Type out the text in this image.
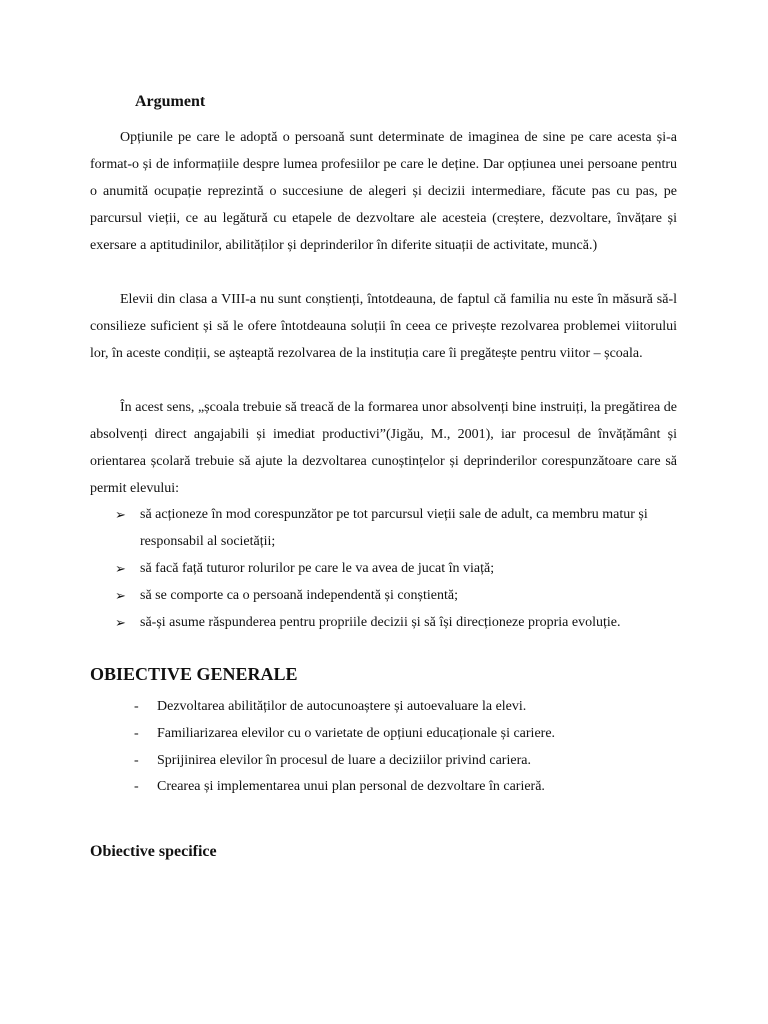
Argument

Opțiunile pe care le adoptă o persoană sunt determinate de imaginea de sine pe care acesta și-a format-o și de informațiile despre lumea profesiilor pe care le deține. Dar opțiunea unei persoane pentru o anumită ocupație reprezintă o succesiune de alegeri și decizii intermediare, făcute pas cu pas, pe parcursul vieții, ce au legătură cu etapele de dezvoltare ale acesteia (creștere, dezvoltare, învățare și exersare a aptitudinilor, abilităților și deprinderilor în diferite situații de activitate, muncă.)

Elevii din clasa a VIII-a nu sunt conștienți, întotdeauna, de faptul că familia nu este în măsură să-l consilieze suficient și să le ofere întotdeauna soluții în ceea ce privește rezolvarea problemei viitorului lor, în aceste condiții, se așteaptă rezolvarea de la instituția care îi pregătește pentru viitor – școala.

În acest sens, „școala trebuie să treacă de la formarea unor absolvenți bine instruiți, la pregătirea de absolvenți direct angajabili și imediat productivi”(Jigău, M., 2001), iar procesul de învățământ și orientarea școlară trebuie să ajute la dezvoltarea cunoștințelor și deprinderilor corespunzătoare care să permit elevului:

➢ să acționeze în mod corespunzător pe tot parcursul vieții sale de adult, ca membru matur și responsabil al societății;
➢ să facă față tuturor rolurilor pe care le va avea de jucat în viață;
➢ să se comporte ca o persoană independentă și conștientă;
➢ să-și asume răspunderea pentru propriile decizii și să își direcționeze propria evoluție.
OBIECTIVE GENERALE
- Dezvoltarea abilităților de autocunoaștere și autoevaluare la elevi.
- Familiarizarea elevilor cu o varietate de opțiuni educaționale și cariere.
- Sprijinirea elevilor în procesul de luare a deciziilor privind cariera.
- Crearea și implementarea unui plan personal de dezvoltare în carieră.
Obiective specifice
